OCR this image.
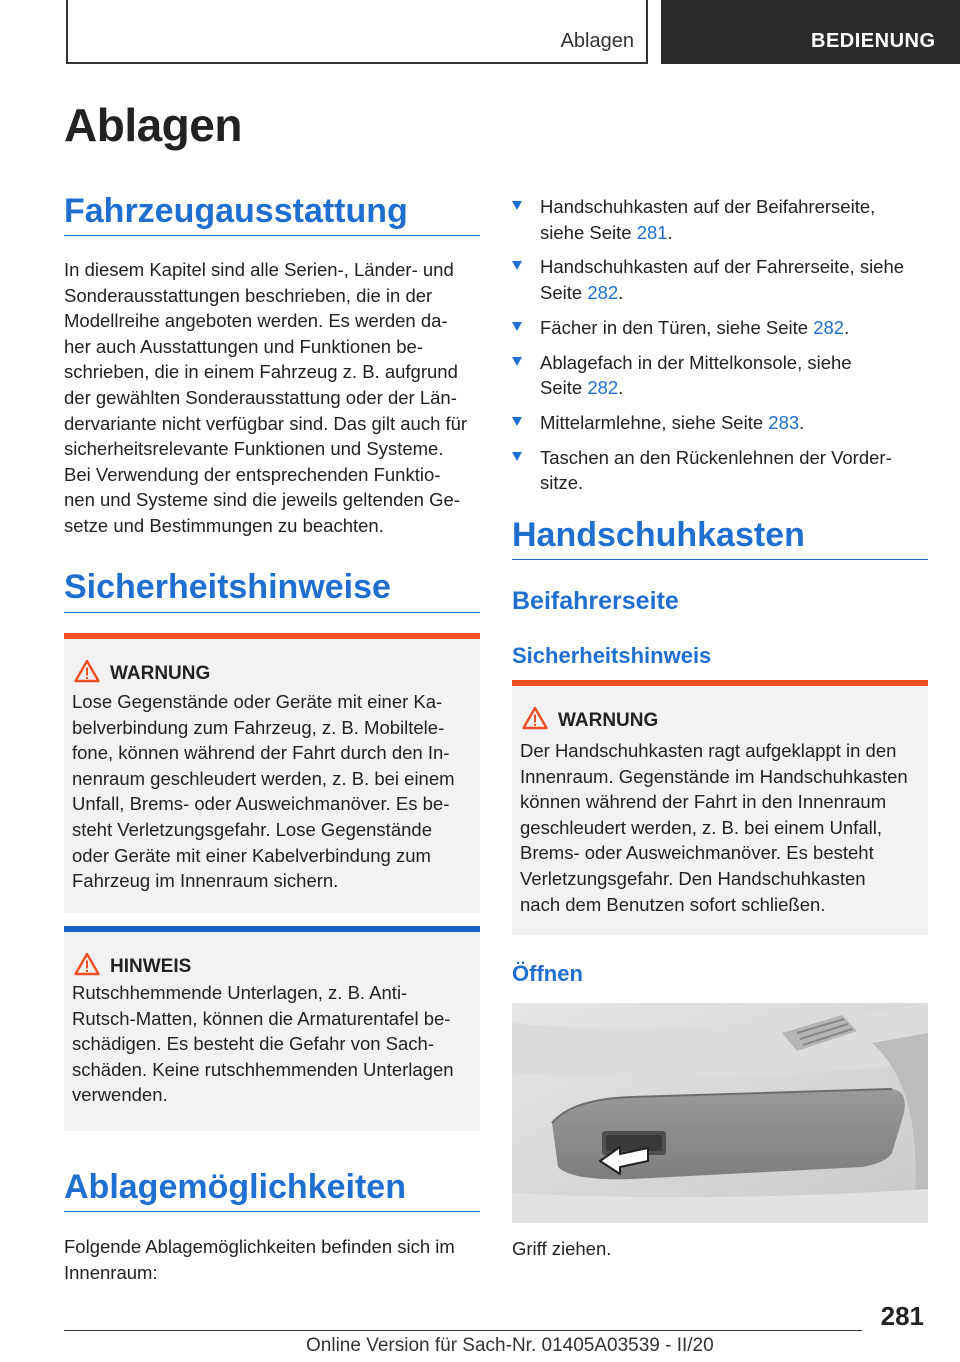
Ablagen	BEDIENUNG
Ablagen
Fahrzeugausstattung
In diesem Kapitel sind alle Serien-, Länder- und
Sonderausstattungen beschrieben, die in der
Modellreihe angeboten werden. Es werden da-
her auch Ausstattungen und Funktionen be-
schrieben, die in einem Fahrzeug z. B. aufgrund
der gewählten Sonderausstattung oder der Län-
dervariante nicht verfügbar sind. Das gilt auch für
sicherheitsrelevante Funktionen und Systeme.
Bei Verwendung der entsprechenden Funktio-
nen und Systeme sind die jeweils geltenden Ge-
setze und Bestimmungen zu beachten.
Sicherheitshinweise
WARNUNG
Lose Gegenstände oder Geräte mit einer Ka-
belverbindung zum Fahrzeug, z. B. Mobiltele-
fone, können während der Fahrt durch den In-
nenraum geschleudert werden, z. B. bei einem
Unfall, Brems- oder Ausweichmanöver. Es be-
steht Verletzungsgefahr. Lose Gegenstände
oder Geräte mit einer Kabelverbindung zum
Fahrzeug im Innenraum sichern.
HINWEIS
Rutschhemmende Unterlagen, z. B. Anti-
Rutsch-Matten, können die Armaturentafel be-
schädigen. Es besteht die Gefahr von Sach-
schäden. Keine rutschhemmenden Unterlagen
verwenden.
Ablagemöglichkeiten
Folgende Ablagemöglichkeiten befinden sich im
Innenraum:
Handschuhkasten auf der Beifahrerseite,
siehe Seite 281.
Handschuhkasten auf der Fahrerseite, siehe
Seite 282.
Fächer in den Türen, siehe Seite 282.
Ablagefach in der Mittelkonsole, siehe
Seite 282.
Mittelarmlehne, siehe Seite 283.
Taschen an den Rückenlehnen der Vorder-
sitze.
Handschuhkasten
Beifahrerseite
Sicherheitshinweis
WARNUNG
Der Handschuhkasten ragt aufgeklappt in den
Innenraum. Gegenstände im Handschuhkasten
können während der Fahrt in den Innenraum
geschleudert werden, z. B. bei einem Unfall,
Brems- oder Ausweichmanöver. Es besteht
Verletzungsgefahr. Den Handschuhkasten
nach dem Benutzen sofort schließen.
Öffnen
Griff ziehen.
281
Online Version für Sach-Nr. 01405A03539 - II/20
